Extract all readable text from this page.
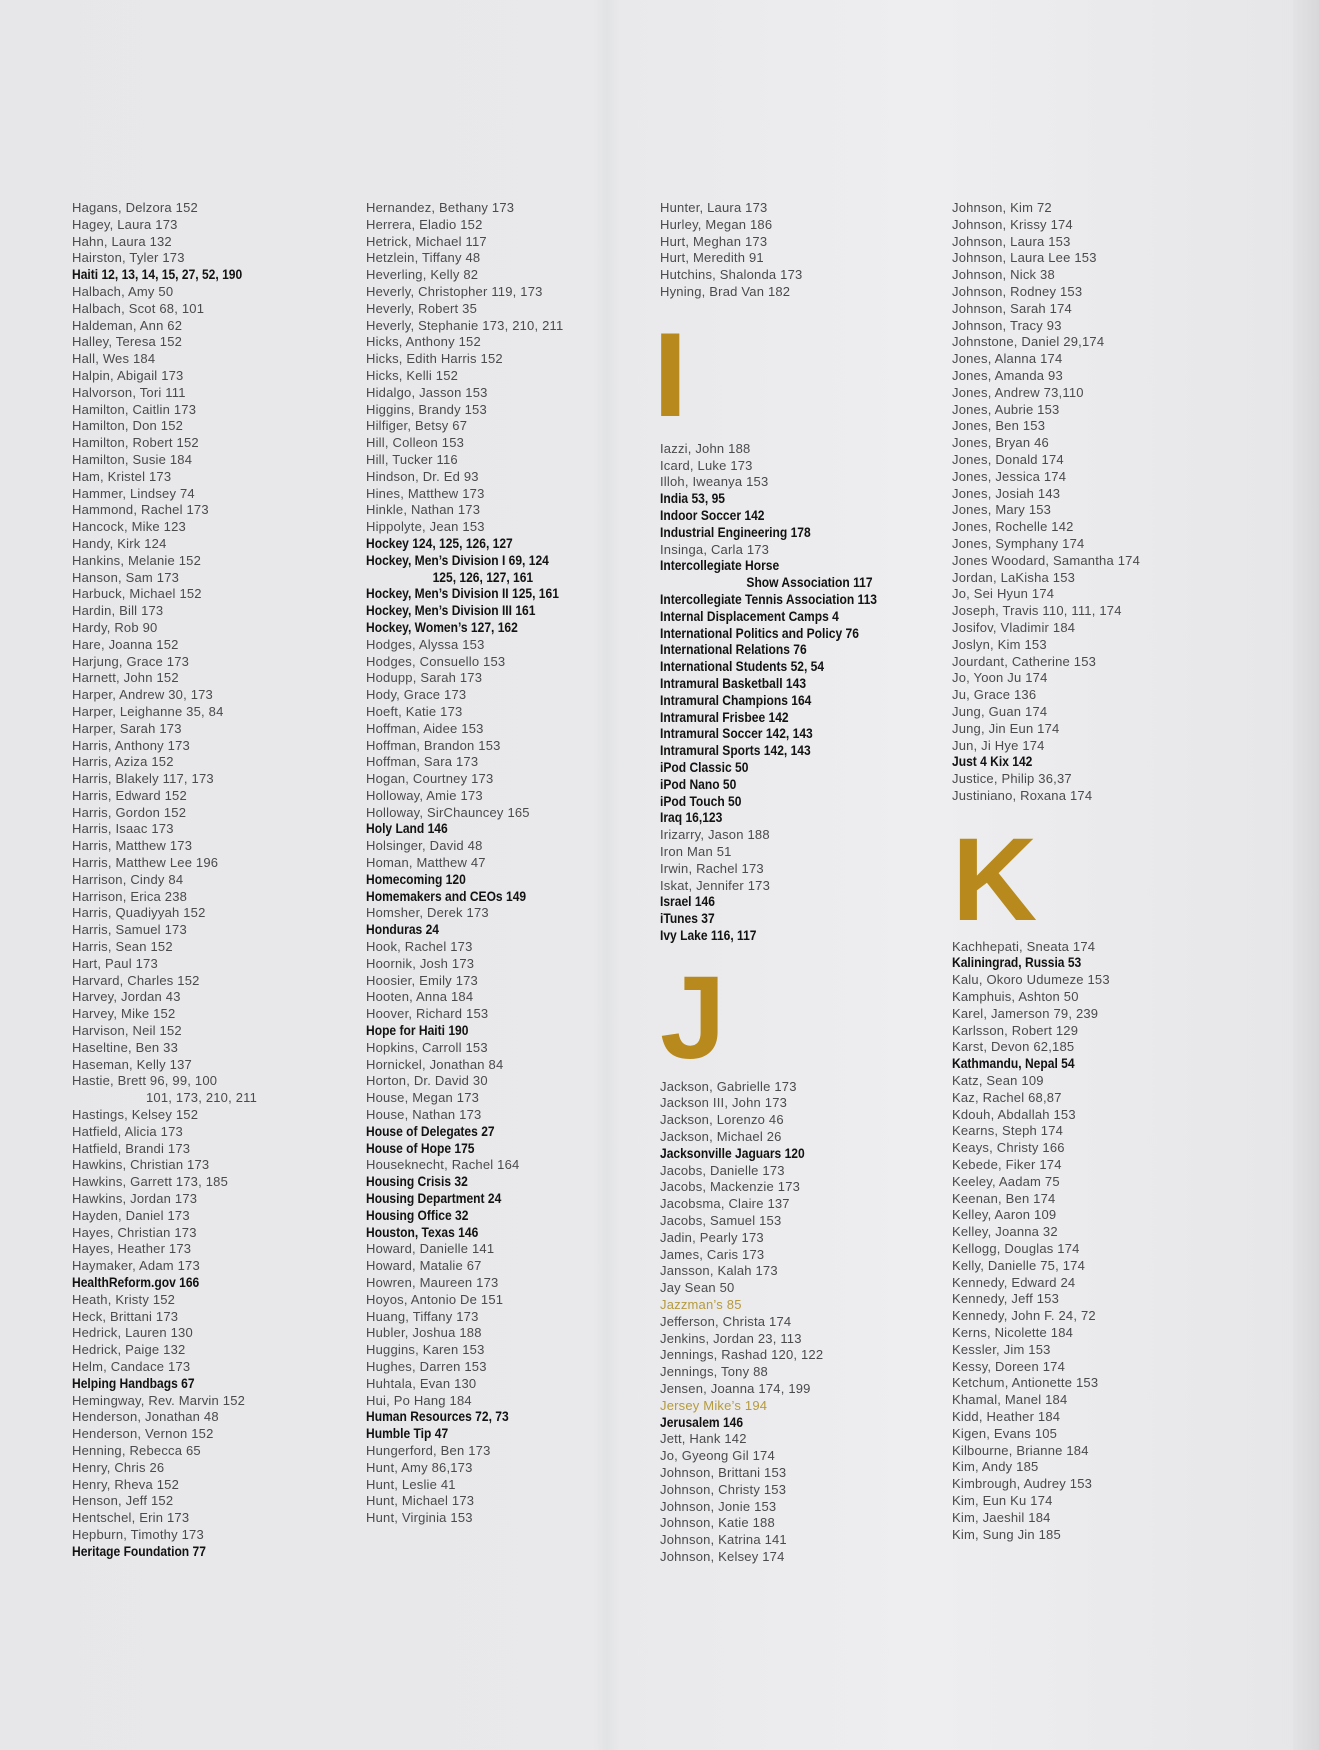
Hagans, Delzora 152
Hagey, Laura 173
Hahn, Laura 132
Hairston, Tyler 173
Haiti 12, 13, 14, 15, 27, 52, 190
Halbach, Amy 50
Halbach, Scot 68, 101
Haldeman, Ann 62
Halley, Teresa 152
Hall, Wes 184
Halpin, Abigail 173
Halvorson, Tori 111
Hamilton, Caitlin 173
Hamilton, Don 152
Hamilton, Robert 152
Hamilton, Susie 184
Ham, Kristel 173
Hammer, Lindsey 74
Hammond, Rachel 173
Hancock, Mike 123
Handy, Kirk 124
Hankins, Melanie 152
Hanson, Sam 173
Harbuck, Michael 152
Hardin, Bill 173
Hardy, Rob 90
Hare, Joanna 152
Harjung, Grace 173
Harnett, John 152
Harper, Andrew 30, 173
Harper, Leighanne 35, 84
Harper, Sarah 173
Harris, Anthony 173
Harris, Aziza 152
Harris, Blakely 117, 173
Harris, Edward 152
Harris, Gordon 152
Harris, Isaac 173
Harris, Matthew 173
Harris, Matthew Lee 196
Harrison, Cindy 84
Harrison, Erica 238
Harris, Quadiyyah 152
Harris, Samuel 173
Harris, Sean 152
Hart, Paul 173
Harvard, Charles 152
Harvey, Jordan 43
Harvey, Mike 152
Harvison, Neil 152
Haseltine, Ben 33
Haseman, Kelly 137
Hastie, Brett 96, 99, 100
101, 173, 210, 211
Hastings, Kelsey 152
Hatfield, Alicia 173
Hatfield, Brandi 173
Hawkins, Christian 173
Hawkins, Garrett 173, 185
Hawkins, Jordan 173
Hayden, Daniel 173
Hayes, Christian 173
Hayes, Heather 173
Haymaker, Adam 173
HealthReform.gov 166
Heath, Kristy 152
Heck, Brittani 173
Hedrick, Lauren 130
Hedrick, Paige 132
Helm, Candace 173
Helping Handbags 67
Hemingway, Rev. Marvin 152
Henderson, Jonathan 48
Henderson, Vernon 152
Henning, Rebecca 65
Henry, Chris 26
Henry, Rheva 152
Henson, Jeff 152
Hentschel, Erin 173
Hepburn, Timothy 173
Heritage Foundation 77
Hernandez, Bethany 173
Herrera, Eladio 152
Hetrick, Michael 117
Hetzlein, Tiffany 48
Heverling, Kelly 82
Heverly, Christopher 119, 173
Heverly, Robert 35
Heverly, Stephanie 173, 210, 211
Hicks, Anthony 152
Hicks, Edith Harris 152
Hicks, Kelli 152
Hidalgo, Jasson 153
Higgins, Brandy 153
Hilfiger, Betsy 67
Hill, Colleon 153
Hill, Tucker 116
Hindson, Dr. Ed 93
Hines, Matthew 173
Hinkle, Nathan 173
Hippolyte, Jean 153
Hockey 124, 125, 126, 127
Hockey, Men’s Division I 69, 124
125, 126, 127, 161
Hockey, Men’s Division II 125, 161
Hockey, Men’s Division III 161
Hockey, Women’s 127, 162
Hodges, Alyssa 153
Hodges, Consuello 153
Hodupp, Sarah 173
Hody, Grace 173
Hoeft, Katie 173
Hoffman, Aidee 153
Hoffman, Brandon 153
Hoffman, Sara 173
Hogan, Courtney 173
Holloway, Amie 173
Holloway, SirChauncey 165
Holy Land 146
Holsinger, David 48
Homan, Matthew 47
Homecoming 120
Homemakers and CEOs 149
Homsher, Derek 173
Honduras 24
Hook, Rachel 173
Hoornik, Josh 173
Hoosier, Emily 173
Hooten, Anna 184
Hoover, Richard 153
Hope for Haiti 190
Hopkins, Carroll 153
Hornickel, Jonathan 84
Horton, Dr. David 30
House, Megan 173
House, Nathan 173
House of Delegates 27
House of Hope 175
Houseknecht, Rachel 164
Housing Crisis 32
Housing Department 24
Housing Office 32
Houston, Texas 146
Howard, Danielle 141
Howard, Matalie 67
Howren, Maureen 173
Hoyos, Antonio De 151
Huang, Tiffany 173
Hubler, Joshua 188
Huggins, Karen 153
Hughes, Darren 153
Huhtala, Evan 130
Hui, Po Hang 184
Human Resources 72, 73
Humble Tip 47
Hungerford, Ben 173
Hunt, Amy 86,173
Hunt, Leslie 41
Hunt, Michael 173
Hunt, Virginia 153
Hunter, Laura 173
Hurley, Megan 186
Hurt, Meghan 173
Hurt, Meredith 91
Hutchins, Shalonda 173
Hyning, Brad Van 182
I
Iazzi, John 188
Icard, Luke 173
Illoh, Iweanya 153
India 53, 95
Indoor Soccer 142
Industrial Engineering 178
Insinga, Carla 173
Intercollegiate Horse
Show Association 117
Intercollegiate Tennis Association 113
Internal Displacement Camps 4
International Politics and Policy 76
International Relations 76
International Students 52, 54
Intramural Basketball 143
Intramural Champions 164
Intramural Frisbee 142
Intramural Soccer 142, 143
Intramural Sports 142, 143
iPod Classic 50
iPod Nano 50
iPod Touch 50
Iraq 16,123
Irizarry, Jason 188
Iron Man 51
Irwin, Rachel 173
Iskat, Jennifer 173
Israel 146
iTunes 37
Ivy Lake 116, 117
J
Jackson, Gabrielle 173
Jackson III, John 173
Jackson, Lorenzo 46
Jackson, Michael 26
Jacksonville Jaguars 120
Jacobs, Danielle 173
Jacobs, Mackenzie 173
Jacobsma, Claire 137
Jacobs, Samuel 153
Jadin, Pearly 173
James, Caris 173
Jansson, Kalah 173
Jay Sean 50
Jazzman’s 85
Jefferson, Christa 174
Jenkins, Jordan 23, 113
Jennings, Rashad 120, 122
Jennings, Tony 88
Jensen, Joanna 174, 199
Jersey Mike’s 194
Jerusalem 146
Jett, Hank 142
Jo, Gyeong Gil 174
Johnson, Brittani 153
Johnson, Christy 153
Johnson, Jonie 153
Johnson, Katie 188
Johnson, Katrina 141
Johnson, Kelsey 174
Johnson, Kim 72
Johnson, Krissy 174
Johnson, Laura 153
Johnson, Laura Lee 153
Johnson, Nick 38
Johnson, Rodney 153
Johnson, Sarah 174
Johnson, Tracy 93
Johnstone, Daniel 29,174
Jones, Alanna 174
Jones, Amanda 93
Jones, Andrew 73,110
Jones, Aubrie 153
Jones, Ben 153
Jones, Bryan 46
Jones, Donald 174
Jones, Jessica 174
Jones, Josiah 143
Jones, Mary 153
Jones, Rochelle 142
Jones, Symphany 174
Jones Woodard, Samantha 174
Jordan, LaKisha 153
Jo, Sei Hyun 174
Joseph, Travis 110, 111, 174
Josifov, Vladimir 184
Joslyn, Kim 153
Jourdant, Catherine 153
Jo, Yoon Ju 174
Ju, Grace 136
Jung, Guan 174
Jung, Jin Eun 174
Jun, Ji Hye 174
Just 4 Kix 142
Justice, Philip 36,37
Justiniano, Roxana 174
K
Kachhepati, Sneata 174
Kaliningrad, Russia 53
Kalu, Okoro Udumeze 153
Kamphuis, Ashton 50
Karel, Jamerson 79, 239
Karlsson, Robert 129
Karst, Devon 62,185
Kathmandu, Nepal 54
Katz, Sean 109
Kaz, Rachel 68,87
Kdouh, Abdallah 153
Kearns, Steph 174
Keays, Christy 166
Kebede, Fiker 174
Keeley, Aadam 75
Keenan, Ben 174
Kelley, Aaron 109
Kelley, Joanna 32
Kellogg, Douglas 174
Kelly, Danielle 75, 174
Kennedy, Edward 24
Kennedy, Jeff 153
Kennedy, John F. 24, 72
Kerns, Nicolette 184
Kessler, Jim 153
Kessy, Doreen 174
Ketchum, Antionette 153
Khamal, Manel 184
Kidd, Heather 184
Kigen, Evans 105
Kilbourne, Brianne 184
Kim, Andy 185
Kimbrough, Audrey 153
Kim, Eun Ku 174
Kim, Jaeshil 184
Kim, Sung Jin 185
